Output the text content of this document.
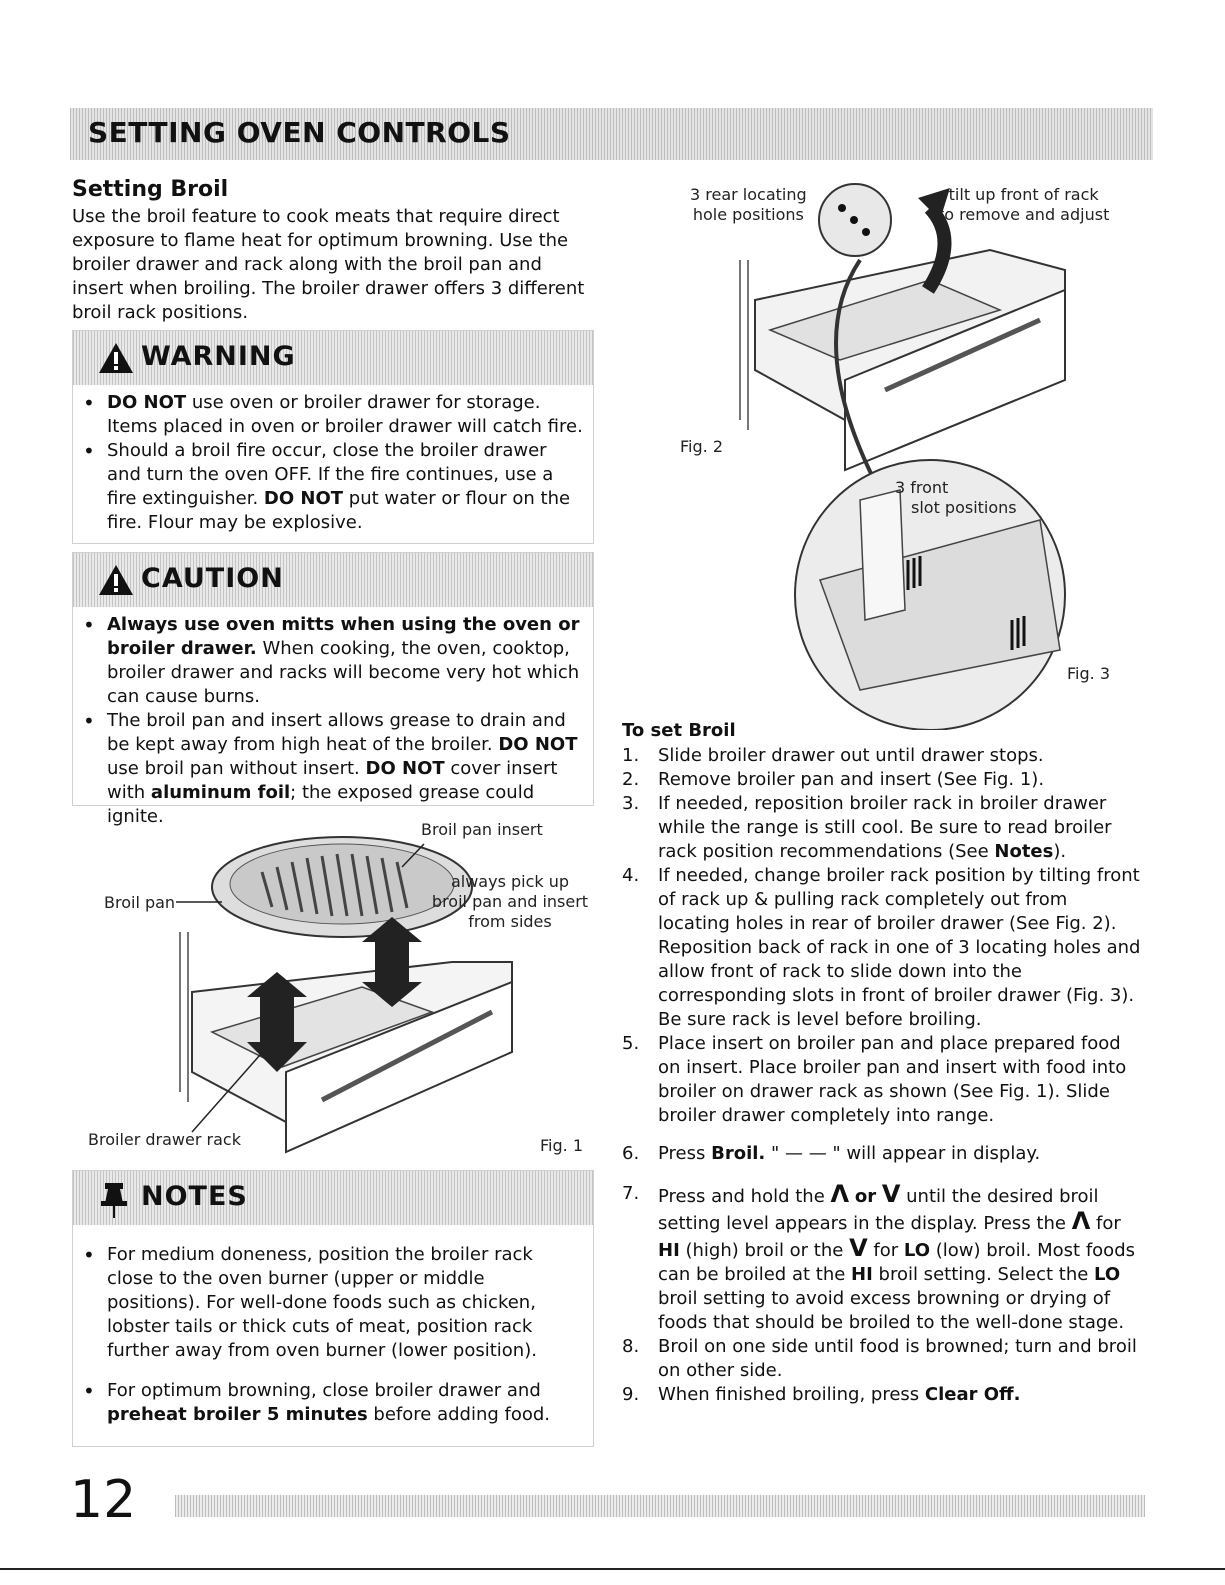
SETTING OVEN CONTROLS
Setting Broil
Use the broil feature to cook meats that require direct exposure to flame heat for optimum browning. Use the broiler drawer and rack along with the broil pan and insert when broiling. The broiler drawer offers 3 different broil rack positions.
WARNING
• DO NOT use oven or broiler drawer for storage. Items placed in oven or broiler drawer will catch fire.
• Should a broil fire occur, close the broiler drawer and turn the oven OFF. If the fire continues, use a fire extinguisher. DO NOT put water or flour on the fire. Flour may be explosive.
CAUTION
• Always use oven mitts when using the oven or broiler drawer. When cooking, the oven, cooktop, broiler drawer and racks will become very hot which can cause burns.
• The broil pan and insert allows grease to drain and be kept away from high heat of the broiler. DO NOT use broil pan without insert. DO NOT cover insert with aluminum foil; the exposed grease could ignite.
Broil pan insert
always pick up
broil pan and insert
from sides
Broil pan
Broiler drawer rack	Fig. 1
NOTES
• For medium doneness, position the broiler rack close to the oven burner (upper or middle positions). For well-done foods such as chicken, lobster tails or thick cuts of meat, position rack further away from oven burner (lower position).
• For optimum browning, close broiler drawer and preheat broiler 5 minutes before adding food.
3 rear locating
hole positions
tilt up front of rack
to remove and adjust
Fig. 2
3 front
slot positions
Fig. 3
To set Broil
1. Slide broiler drawer out until drawer stops.
2. Remove broiler pan and insert (See Fig. 1).
3. If needed, reposition broiler rack in broiler drawer while the range is still cool. Be sure to read broiler rack position recommendations (See Notes).
4. If needed, change broiler rack position by tilting front of rack up & pulling rack completely out from locating holes in rear of broiler drawer (See Fig. 2). Reposition back of rack in one of 3 locating holes and allow front of rack to slide down into the corresponding slots in front of broiler drawer (Fig. 3). Be sure rack is level before broiling.
5. Place insert on broiler pan and place prepared food on insert. Place broiler pan and insert with food into broiler on drawer rack as shown (See Fig. 1). Slide broiler drawer completely into range.
6. Press Broil. " — — " will appear in display.
7. Press and hold the Λ or V until the desired broil setting level appears in the display. Press the Λ for HI (high) broil or the V for LO (low) broil. Most foods can be broiled at the HI broil setting. Select the LO broil setting to avoid excess browning or drying of foods that should be broiled to the well-done stage.
8. Broil on one side until food is browned; turn and broil on other side.
9. When finished broiling, press Clear Off.
12
